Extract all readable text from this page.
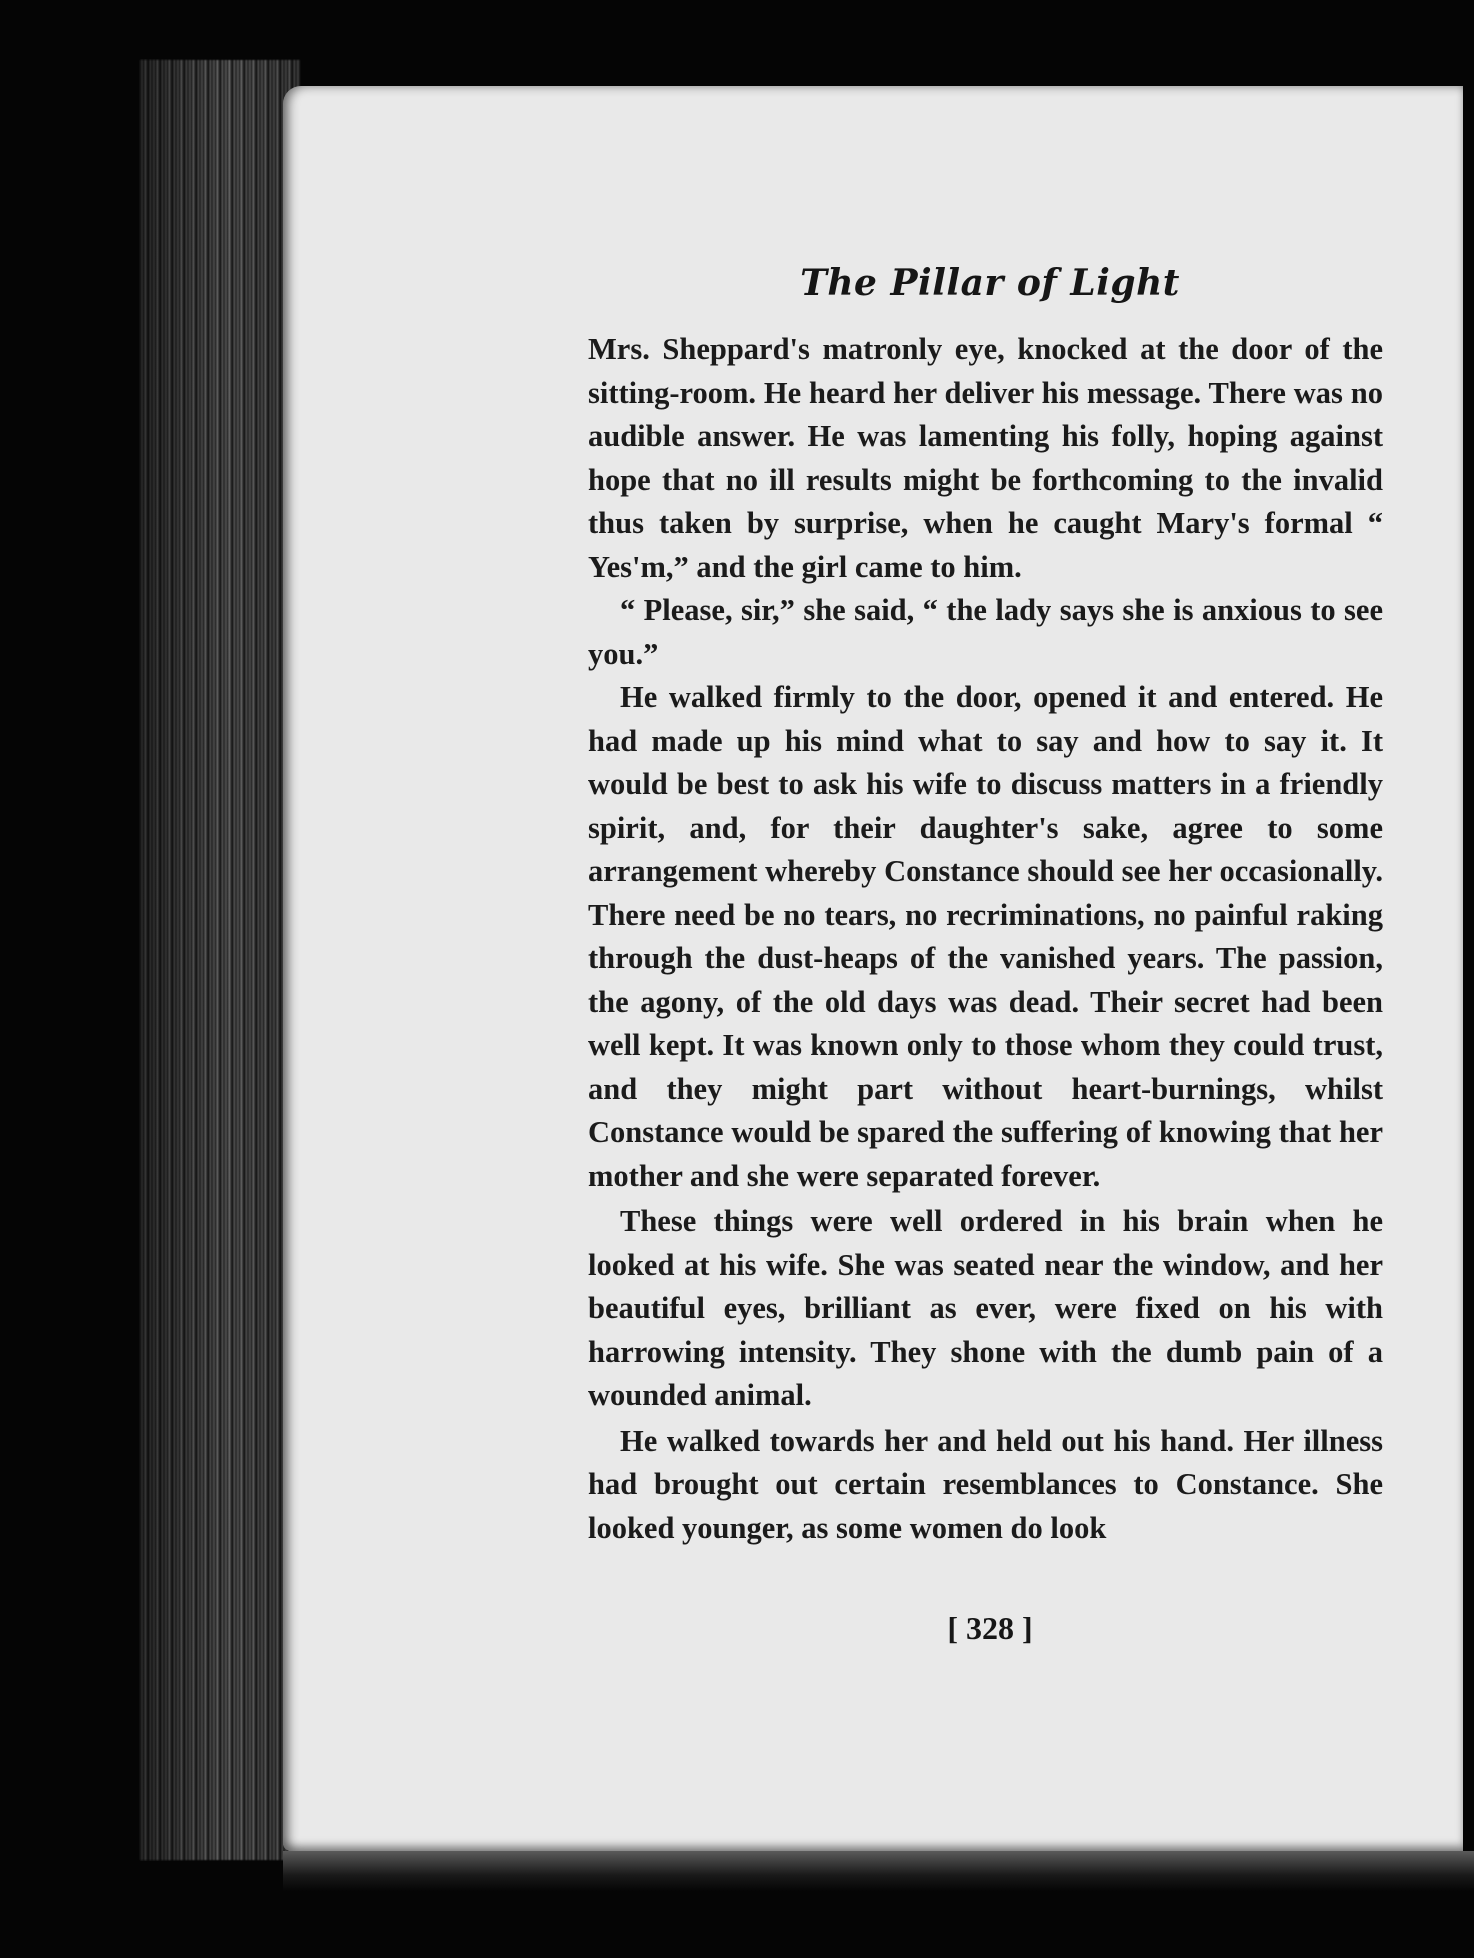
The Pillar of Light

Mrs. Sheppard's matronly eye, knocked at the door of the sitting-room. He heard her deliver his message. There was no audible answer. He was lamenting his folly, hoping against hope that no ill results might be forthcoming to the invalid thus taken by surprise, when he caught Mary's formal “ Yes'm,” and the girl came to him.

“ Please, sir,” she said, “ the lady says she is anxious to see you.”

He walked firmly to the door, opened it and entered. He had made up his mind what to say and how to say it. It would be best to ask his wife to discuss matters in a friendly spirit, and, for their daughter's sake, agree to some arrangement whereby Constance should see her occasionally. There need be no tears, no recriminations, no painful raking through the dust-heaps of the vanished years. The passion, the agony, of the old days was dead. Their secret had been well kept. It was known only to those whom they could trust, and they might part without heart-burnings, whilst Constance would be spared the suffering of knowing that her mother and she were separated forever.

These things were well ordered in his brain when he looked at his wife. She was seated near the window, and her beautiful eyes, brilliant as ever, were fixed on his with harrowing intensity. They shone with the dumb pain of a wounded animal.

He walked towards her and held out his hand. Her illness had brought out certain resemblances to Constance. She looked younger, as some women do look

[ 328 ]
